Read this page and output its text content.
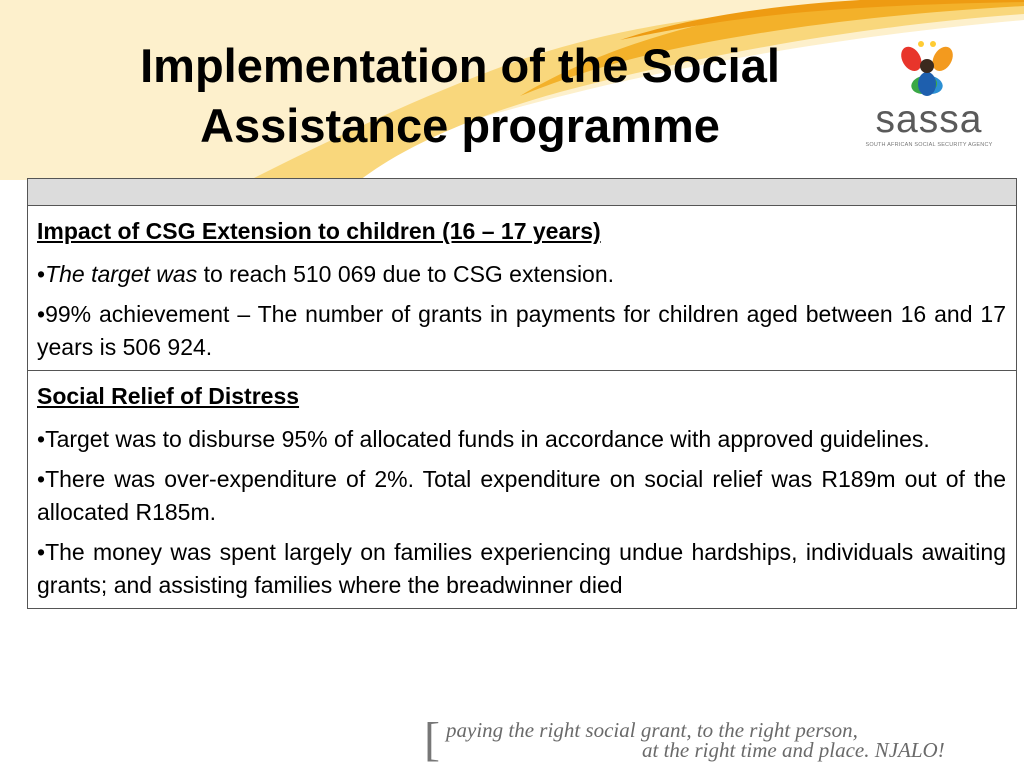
Implementation of the Social Assistance programme	sassa
SOUTH AFRICAN SOCIAL SECURITY AGENCY

Impact of CSG Extension to children (16 – 17 years)

•The target was to reach 510 069 due to CSG extension.

•99% achievement – The number of grants in payments for children aged between 16 and 17 years is 506 924.

Social Relief of Distress

•Target was to disburse 95% of allocated funds in accordance with approved guidelines.

•There was over-expenditure of 2%. Total expenditure on social relief was R189m out of the allocated R185m.

•The money was spent largely on families experiencing undue hardships, individuals awaiting grants; and assisting families where the breadwinner died

[ paying the right social grant, to the right person,
at the right time and place. NJALO!
